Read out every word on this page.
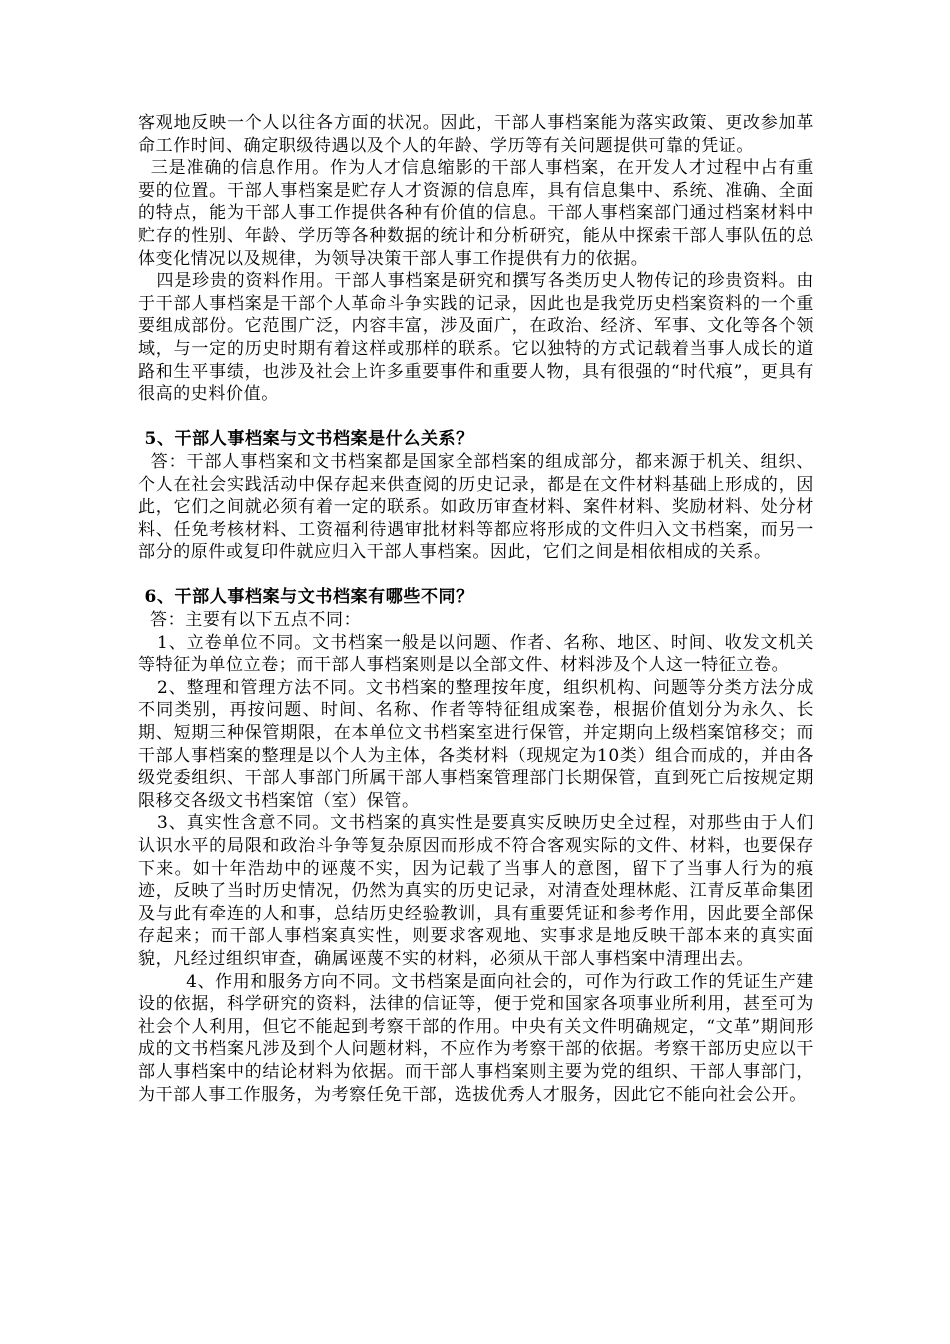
客观地反映一个人以往各方面的状况。因此，干部人事档案能为落实政策、更改参加革命工作时间、确定职级待遇以及个人的年龄、学历等有关问题提供可靠的凭证。

三是准确的信息作用。作为人才信息缩影的干部人事档案，在开发人才过程中占有重要的位置。干部人事档案是贮存人才资源的信息库，具有信息集中、系统、准确、全面的特点，能为干部人事工作提供各种有价值的信息。干部人事档案部门通过档案材料中贮存的性别、年龄、学历等各种数据的统计和分析研究，能从中探索干部人事队伍的总体变化情况以及规律，为领导决策干部人事工作提供有力的依据。

四是珍贵的资料作用。干部人事档案是研究和撰写各类历史人物传记的珍贵资料。由于干部人事档案是干部个人革命斗争实践的记录，因此也是我党历史档案资料的一个重要组成部份。它范围广泛，内容丰富，涉及面广，在政治、经济、军事、文化等各个领域，与一定的历史时期有着这样或那样的联系。它以独特的方式记载着当事人成长的道路和生平事绩，也涉及社会上许多重要事件和重要人物，具有很强的“时代痕”，更具有很高的史料价值。

5、干部人事档案与文书档案是什么关系？

答：干部人事档案和文书档案都是国家全部档案的组成部分，都来源于机关、组织、个人在社会实践活动中保存起来供查阅的历史记录，都是在文件材料基础上形成的，因此，它们之间就必须有着一定的联系。如政历审查材料、案件材料、奖励材料、处分材料、任免考核材料、工资福利待遇审批材料等都应将形成的文件归入文书档案，而另一部分的原件或复印件就应归入干部人事档案。因此，它们之间是相依相成的关系。

6、干部人事档案与文书档案有哪些不同？

答：主要有以下五点不同：

1、立卷单位不同。文书档案一般是以问题、作者、名称、地区、时间、收发文机关等特征为单位立卷；而干部人事档案则是以全部文件、材料涉及个人这一特征立卷。

2、整理和管理方法不同。文书档案的整理按年度，组织机构、问题等分类方法分成不同类别，再按问题、时间、名称、作者等特征组成案卷，根据价值划分为永久、长期、短期三种保管期限，在本单位文书档案室进行保管，并定期向上级档案馆移交；而干部人事档案的整理是以个人为主体，各类材料（现规定为10类）组合而成的，并由各级党委组织、干部人事部门所属干部人事档案管理部门长期保管，直到死亡后按规定期限移交各级文书档案馆（室）保管。

3、真实性含意不同。文书档案的真实性是要真实反映历史全过程，对那些由于人们认识水平的局限和政治斗争等复杂原因而形成不符合客观实际的文件、材料，也要保存下来。如十年浩劫中的诬蔑不实，因为记载了当事人的意图，留下了当事人行为的痕迹，反映了当时历史情况，仍然为真实的历史记录，对清查处理林彪、江青反革命集团及与此有牵连的人和事，总结历史经验教训，具有重要凭证和参考作用，因此要全部保存起来；而干部人事档案真实性，则要求客观地、实事求是地反映干部本来的真实面貌，凡经过组织审查，确属诬蔑不实的材料，必须从干部人事档案中清理出去。

4、作用和服务方向不同。文书档案是面向社会的，可作为行政工作的凭证生产建设的依据，科学研究的资料，法律的信证等，便于党和国家各项事业所利用，甚至可为社会个人利用，但它不能起到考察干部的作用。中央有关文件明确规定，“文革”期间形成的文书档案凡涉及到个人问题材料，不应作为考察干部的依据。考察干部历史应以干部人事档案中的结论材料为依据。而干部人事档案则主要为党的组织、干部人事部门，为干部人事工作服务，为考察任免干部，选拔优秀人才服务，因此它不能向社会公开。
